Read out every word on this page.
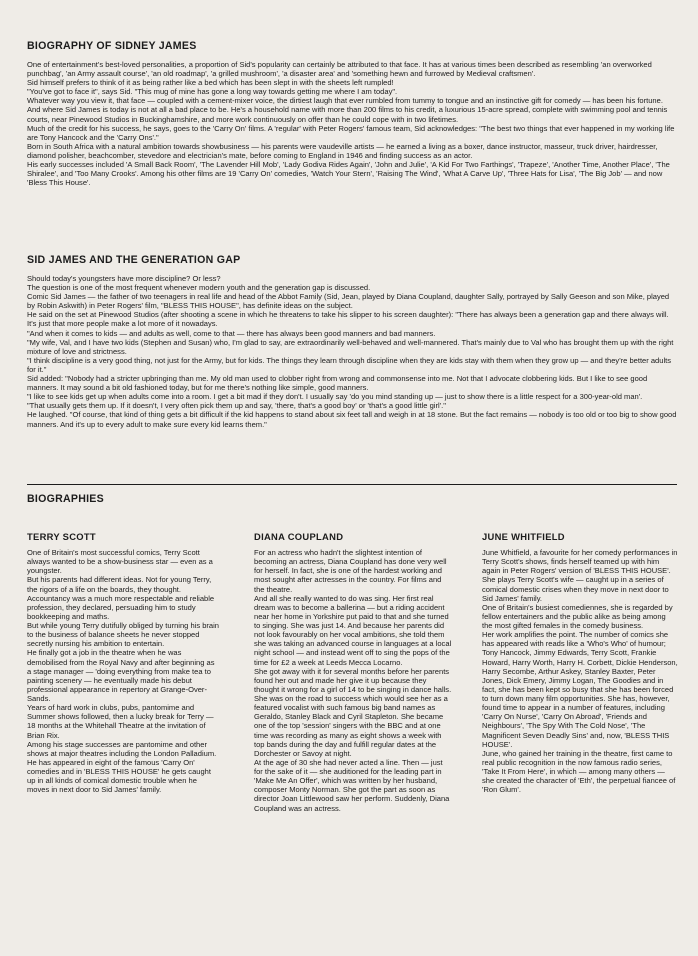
BIOGRAPHY OF SIDNEY JAMES

One of entertainment's best-loved personalities, a proportion of Sid's popularity can certainly be attributed to that face. It has at various times been described as resembling 'an overworked punchbag', 'an Army assault course', 'an old roadmap', 'a grilled mushroom', 'a disaster area' and 'something hewn and furrowed by Medieval craftsmen'.

Sid himself prefers to think of it as being rather like a bed which has been slept in with the sheets left rumpled!

"You've got to face it", says Sid. "This mug of mine has gone a long way towards getting me where I am today".

Whatever way you view it, that face — coupled with a cement-mixer voice, the dirtiest laugh that ever rumbled from tummy to tongue and an instinctive gift for comedy — has been his fortune.

And where Sid James is today is not at all a bad place to be. He's a household name with more than 200 films to his credit, a luxurious 15-acre spread, complete with swimming pool and tennis courts, near Pinewood Studios in Buckinghamshire, and more work continuously on offer than he could cope with in two lifetimes.

Much of the credit for his success, he says, goes to the 'Carry On' films. A 'regular' with Peter Rogers' famous team, Sid acknowledges: "The best two things that ever happened in my working life are Tony Hancock and the 'Carry Ons'."

Born in South Africa with a natural ambition towards showbusiness — his parents were vaudeville artists — he earned a living as a boxer, dance instructor, masseur, truck driver, hairdresser, diamond polisher, beachcomber, stevedore and electrician's mate, before coming to England in 1946 and finding success as an actor.

His early successes included 'A Small Back Room', 'The Lavender Hill Mob', 'Lady Godiva Rides Again', 'John and Julie', 'A Kid For Two Farthings', 'Trapeze', 'Another Time, Another Place', 'The Shiralee', and 'Too Many Crooks'. Among his other films are 19 'Carry On' comedies, 'Watch Your Stern', 'Raising The Wind', 'What A Carve Up', 'Three Hats for Lisa', 'The Big Job' — and now 'Bless This House'.

SID JAMES AND THE GENERATION GAP

Should today's youngsters have more discipline? Or less?

The question is one of the most frequent whenever modern youth and the generation gap is discussed.

Comic Sid James — the father of two teenagers in real life and head of the Abbot Family (Sid, Jean, played by Diana Coupland, daughter Sally, portrayed by Sally Geeson and son Mike, played by Robin Askwith) in Peter Rogers' film, "BLESS THIS HOUSE", has definite ideas on the subject.

He said on the set at Pinewood Studios (after shooting a scene in which he threatens to take his slipper to his screen daughter): "There has always been a generation gap and there always will. It's just that more people make a lot more of it nowadays.

"And when it comes to kids — and adults as well, come to that — there has always been good manners and bad manners.

"My wife, Val, and I have two kids (Stephen and Susan) who, I'm glad to say, are extraordinarily well-behaved and well-mannered. That's mainly due to Val who has brought them up with the right mixture of love and strictness.

"I think discipline is a very good thing, not just for the Army, but for kids. The things they learn through discipline when they are kids stay with them when they grow up — and they're better adults for it."

Sid added: "Nobody had a stricter upbringing than me. My old man used to clobber right from wrong and commonsense into me. Not that I advocate clobbering kids. But I like to see good manners. It may sound a bit old fashioned today, but for me there's nothing like simple, good manners.

"I like to see kids get up when adults come into a room. I get a bit mad if they don't. I usually say 'do you mind standing up — just to show there is a little respect for a 300-year-old man'.

"That usually gets them up. If it doesn't, I very often pick them up and say, 'there, that's a good boy' or 'that's a good little girl'."

He laughed. "Of course, that kind of thing gets a bit difficult if the kid happens to stand about six feet tall and weigh in at 18 stone. But the fact remains — nobody is too old or too big to show good manners. And it's up to every adult to make sure every kid learns them."

BIOGRAPHIES
TERRY SCOTT

One of Britain's most successful comics, Terry Scott always wanted to be a show-business star — even as a youngster.

But his parents had different ideas. Not for young Terry, the rigors of a life on the boards, they thought. Accountancy was a much more respectable and reliable profession, they declared, persuading him to study bookkeeping and maths.

But while young Terry dutifully obliged by turning his brain to the business of balance sheets he never stopped secretly nursing his ambition to entertain.

He finally got a job in the theatre when he was demobilised from the Royal Navy and after beginning as a stage manager — 'doing everything from make tea to painting scenery — he eventually made his debut professional appearance in repertory at Grange-Over-Sands.

Years of hard work in clubs, pubs, pantomime and Summer shows followed, then a lucky break for Terry — 18 months at the Whitehall Theatre at the invitation of Brian Rix.

Among his stage successes are pantomime and other shows at major theatres including the London Palladium.

He has appeared in eight of the famous 'Carry On' comedies and in 'BLESS THIS HOUSE' he gets caught up in all kinds of comical domestic trouble when he moves in next door to Sid James' family.

DIANA COUPLAND

For an actress who hadn't the slightest intention of becoming an actress, Diana Coupland has done very well for herself. In fact, she is one of the hardest working and most sought after actresses in the country. For films and the theatre.

And all she really wanted to do was sing. Her first real dream was to become a ballerina — but a riding accident near her home in Yorkshire put paid to that and she turned to singing. She was just 14. And because her parents did not look favourably on her vocal ambitions, she told them she was taking an advanced course in languages at a local night school — and instead went off to sing the pops of the time for £2 a week at Leeds Mecca Locarno.

She got away with it for several months before her parents found her out and made her give it up because they thought it wrong for a girl of 14 to be singing in dance halls.

She was on the road to success which would see her as a featured vocalist with such famous big band names as Geraldo, Stanley Black and Cyril Stapleton. She became one of the top 'session' singers with the BBC and at one time was recording as many as eight shows a week with top bands during the day and fulfill regular dates at the Dorchester or Savoy at night.

At the age of 30 she had never acted a line. Then — just for the sake of it — she auditioned for the leading part in 'Make Me An Offer', which was written by her husband, composer Monty Norman. She got the part as soon as director Joan Littlewood saw her perform. Suddenly, Diana Coupland was an actress.

JUNE WHITFIELD

June Whitfield, a favourite for her comedy performances in Terry Scott's shows, finds herself teamed up with him again in Peter Rogers' version of 'BLESS THIS HOUSE'. She plays Terry Scott's wife — caught up in a series of comical domestic crises when they move in next door to Sid James' family.

One of Britain's busiest comediennes, she is regarded by fellow entertainers and the public alike as being among the most gifted females in the comedy business.

Her work amplifies the point. The number of comics she has appeared with reads like a 'Who's Who' of humour; Tony Hancock, Jimmy Edwards, Terry Scott, Frankie Howard, Harry Worth, Harry H. Corbett, Dickie Henderson, Harry Secombe, Arthur Askey, Stanley Baxter, Peter Jones, Dick Emery, Jimmy Logan, The Goodies and in fact, she has been kept so busy that she has been forced to turn down many film opportunities. She has, however, found time to appear in a number of features, including 'Carry On Nurse', 'Carry On Abroad', 'Friends and Neighbours', 'The Spy With The Cold Nose', 'The Magnificent Seven Deadly Sins' and, now, 'BLESS THIS HOUSE'.

June, who gained her training in the theatre, first came to real public recognition in the now famous radio series, 'Take It From Here', in which — among many others — she created the character of 'Eth', the perpetual fiancee of 'Ron Glum'.
